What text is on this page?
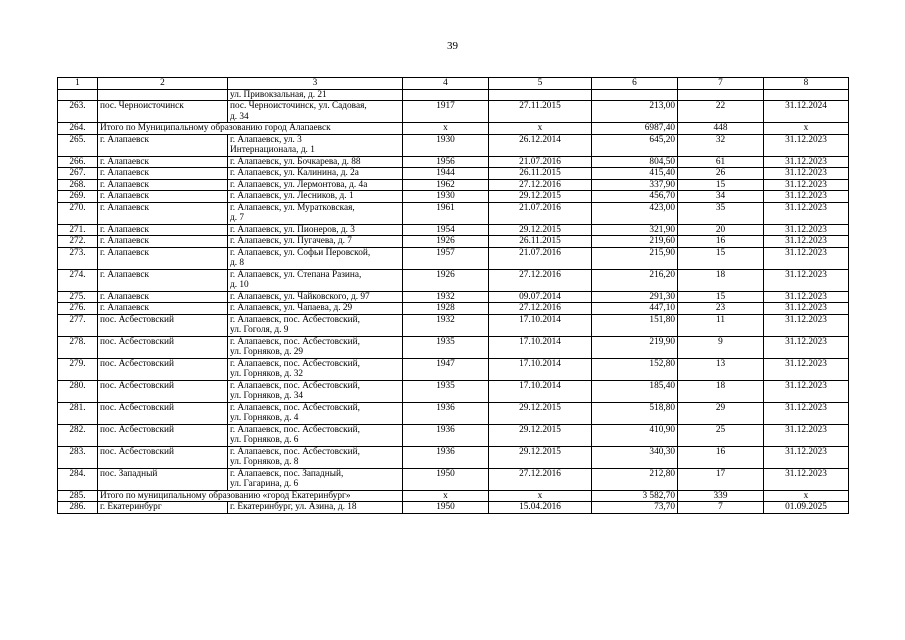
39
1	2	3	4	5	6	7	8
		ул. Привокзальная, д. 21					
263.	пос. Черноисточинск	пос. Черноисточинск, ул. Садовая,
д. 34	1917	27.11.2015	213,00	22	31.12.2024
264.	Итого по Муниципальному образованию город Алапаевск		x	x	6987,40	448	x
265.	г. Алапаевск	г. Алапаевск, ул. 3
Интернационала, д. 1	1930	26.12.2014	645,20	32	31.12.2023
266.	г. Алапаевск	г. Алапаевск, ул. Бочкарева, д. 88	1956	21.07.2016	804,50	61	31.12.2023
267.	г. Алапаевск	г. Алапаевск, ул. Калинина, д. 2а	1944	26.11.2015	415,40	26	31.12.2023
268.	г. Алапаевск	г. Алапаевск, ул. Лермонтова, д. 4а	1962	27.12.2016	337,90	15	31.12.2023
269.	г. Алапаевск	г. Алапаевск, ул. Лесников, д. 1	1930	29.12.2015	456,70	34	31.12.2023
270.	г. Алапаевск	г. Алапаевск, ул. Муратковская,
д. 7	1961	21.07.2016	423,00	35	31.12.2023
271.	г. Алапаевск	г. Алапаевск, ул. Пионеров, д. 3	1954	29.12.2015	321,90	20	31.12.2023
272.	г. Алапаевск	г. Алапаевск, ул. Пугачева, д. 7	1926	26.11.2015	219,60	16	31.12.2023
273.	г. Алапаевск	г. Алапаевск, ул. Софьи Перовской,
д. 8	1957	21.07.2016	215,90	15	31.12.2023
274.	г. Алапаевск	г. Алапаевск, ул. Степана Разина,
д. 10	1926	27.12.2016	216,20	18	31.12.2023
275.	г. Алапаевск	г. Алапаевск, ул. Чайковского, д. 97	1932	09.07.2014	291,30	15	31.12.2023
276.	г. Алапаевск	г. Алапаевск, ул. Чапаева, д. 29	1928	27.12.2016	447,10	23	31.12.2023
277.	пос. Асбестовский	г. Алапаевск, пос. Асбестовский,
ул. Гоголя, д. 9	1932	17.10.2014	151,80	11	31.12.2023
278.	пос. Асбестовский	г. Алапаевск, пос. Асбестовский,
ул. Горняков, д. 29	1935	17.10.2014	219,90	9	31.12.2023
279.	пос. Асбестовский	г. Алапаевск, пос. Асбестовский,
ул. Горняков, д. 32	1947	17.10.2014	152,80	13	31.12.2023
280.	пос. Асбестовский	г. Алапаевск, пос. Асбестовский,
ул. Горняков, д. 34	1935	17.10.2014	185,40	18	31.12.2023
281.	пос. Асбестовский	г. Алапаевск, пос. Асбестовский,
ул. Горняков, д. 4	1936	29.12.2015	518,80	29	31.12.2023
282.	пос. Асбестовский	г. Алапаевск, пос. Асбестовский,
ул. Горняков, д. 6	1936	29.12.2015	410,90	25	31.12.2023
283.	пос. Асбестовский	г. Алапаевск, пос. Асбестовский,
ул. Горняков, д. 8	1936	29.12.2015	340,30	16	31.12.2023
284.	пос. Западный	г. Алапаевск, пос. Западный,
ул. Гагарина, д. 6	1950	27.12.2016	212,80	17	31.12.2023
285.	Итого по муниципальному образованию «город Екатеринбург»		x	x	3 582,70	339	x
286.	г. Екатеринбург	г. Екатеринбург, ул. Азина, д. 18	1950	15.04.2016	73,70	7	01.09.2025
